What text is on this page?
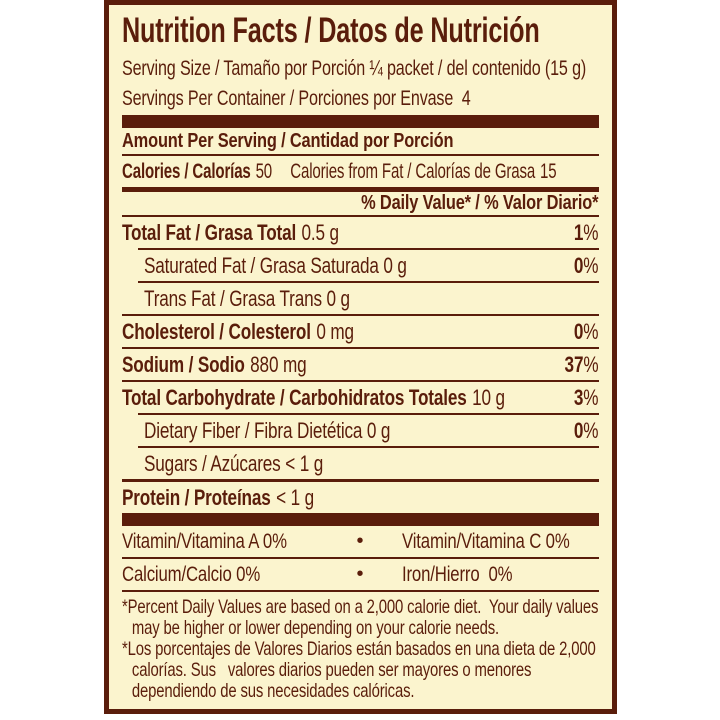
Nutrition Facts / Datos de Nutrición
Serving Size / Tamaño por Porción ¼ packet / del contenido (15 g)
Servings Per Container / Porciones por Envase  4
Amount Per Serving / Cantidad por Porción
Calories / Calorías 50 Calories from Fat / Calorías de Grasa 15
% Daily Value* / % Valor Diario*
Total Fat / Grasa Total 0.5 g	1%
Saturated Fat / Grasa Saturada 0 g	0%
Trans Fat / Grasa Trans 0 g
Cholesterol / Colesterol 0 mg	0%
Sodium / Sodio 880 mg	37%
Total Carbohydrate / Carbohidratos Totales 10 g	3%
Dietary Fiber / Fibra Dietética 0 g	0%
Sugars / Azúcares < 1 g
Protein / Proteínas < 1 g
Vitamin/Vitamina A 0%	•	Vitamin/Vitamina C 0%
Calcium/Calcio 0%	•	Iron/Hierro  0%

*Percent Daily Values are based on a 2,000 calorie diet.  Your daily values may be higher or lower depending on your calorie needs.

*Los porcentajes de Valores Diarios están basados en una dieta de 2,000 calorías. Sus   valores diarios pueden ser mayores o menores dependiendo de sus necesidades calóricas.
